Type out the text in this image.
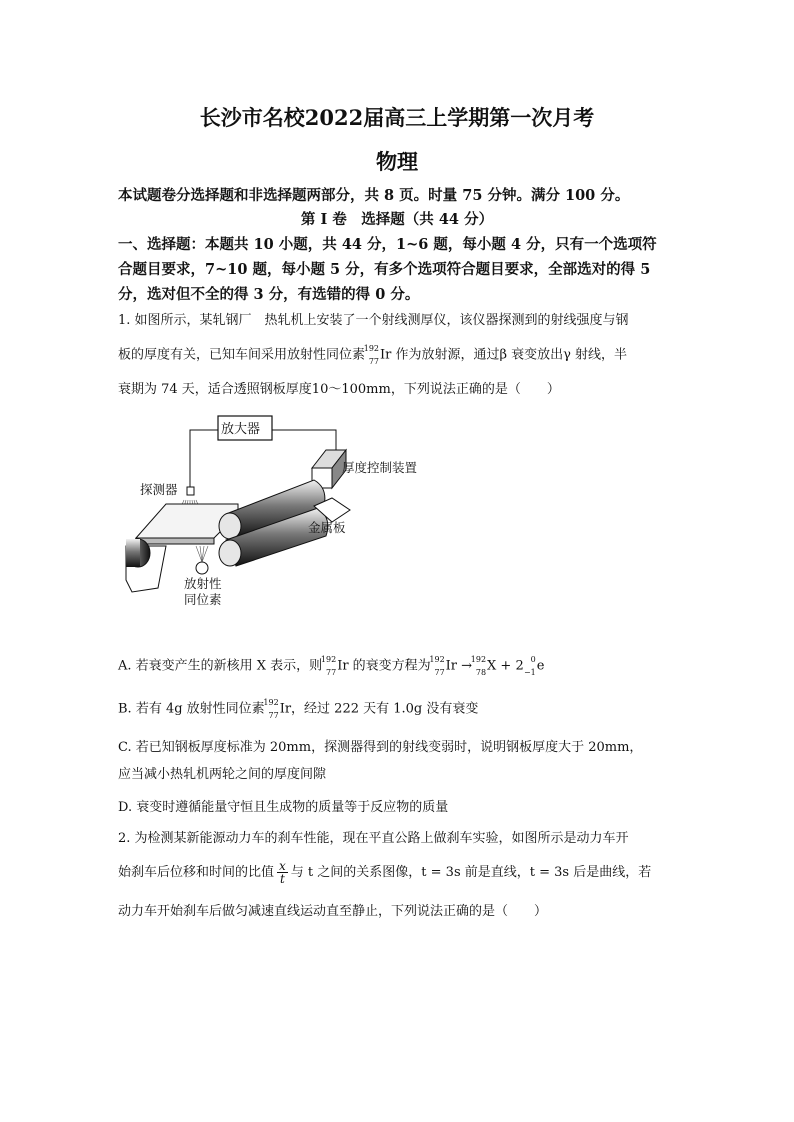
长沙市名校2022届高三上学期第一次月考
物理
本试题卷分选择题和非选择题两部分，共 8 页。时量 75 分钟。满分 100 分。
第 I 卷　选择题（共 44 分）
一、选择题：本题共 10 小题，共 44 分，1~6 题，每小题 4 分，只有一个选项符
合题目要求，7~10 题，每小题 5 分，有多个选项符合题目要求，全部选对的得 5
分，选对但不全的得 3 分，有选错的得 0 分。
1. 如图所示，某轧钢厂　热轧机上安装了一个射线测厚仪，该仪器探测到的射线强度与钢
板的厚度有关，已知车间采用放射性同位素
192
77 Ir 作为放射源，通过β 衰变放出γ 射线，半
衰期为 74 天，适合透照钢板厚度10～100mm，下列说法正确的是（　　）
放大器
厚度控制装置
探测器
金属板
放射性
同位素
A. 若衰变产生的新核用 X 表示，则
192
77 Ir 的衰变方程为
192
77 Ir →
192
78 X + 2 0
−1 e
B. 若有 4g 放射性同位素
192
77 Ir，经过 222 天有 1.0g 没有衰变
C. 若已知钢板厚度标准为 20mm，探测器得到的射线变弱时，说明钢板厚度大于 20mm，
应当减小热轧机两轮之间的厚度间隙
D. 衰变时遵循能量守恒且生成物的质量等于反应物的质量
2. 为检测某新能源动力车的刹车性能，现在平直公路上做刹车实验，如图所示是动力车开
始刹车后位移和时间的比值 $\frac{x}{t}$ 与 t 之间的关系图像，t = 3s 前是直线，t = 3s 后是曲线，若
动力车开始刹车后做匀减速直线运动直至静止，下列说法正确的是（　　）
